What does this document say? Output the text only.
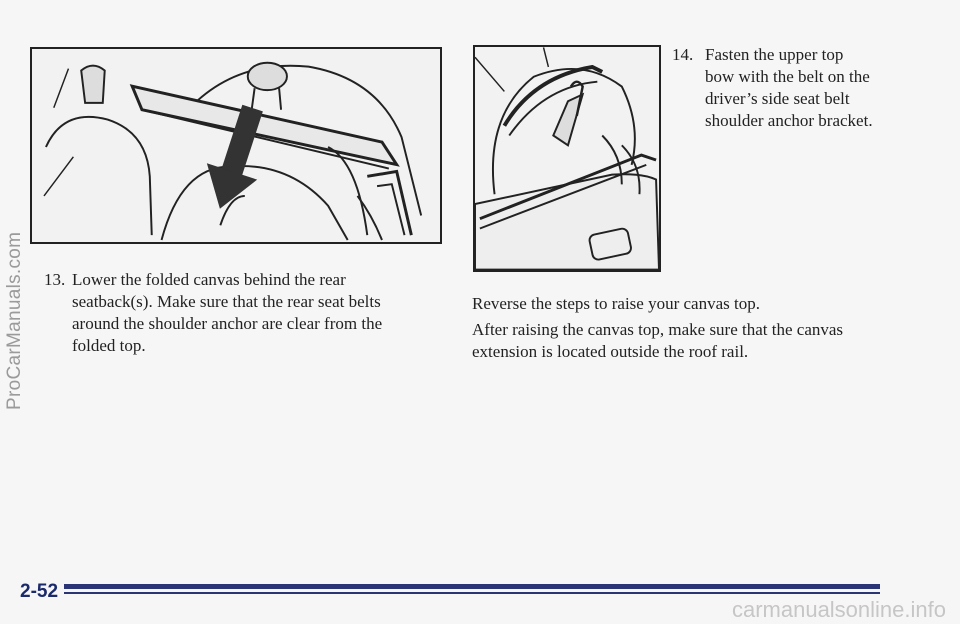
13. Lower the folded canvas behind the rear seatback(s). Make sure that the rear seat belts around the shoulder anchor are clear from the folded top.
14. Fasten the upper top bow with the belt on the driver’s side seat belt shoulder anchor bracket.

Reverse the steps to raise your canvas top.

After raising the canvas top, make sure that the canvas extension is located outside the roof rail.

2-52
ProCarManuals.com
carmanualsonline.info
